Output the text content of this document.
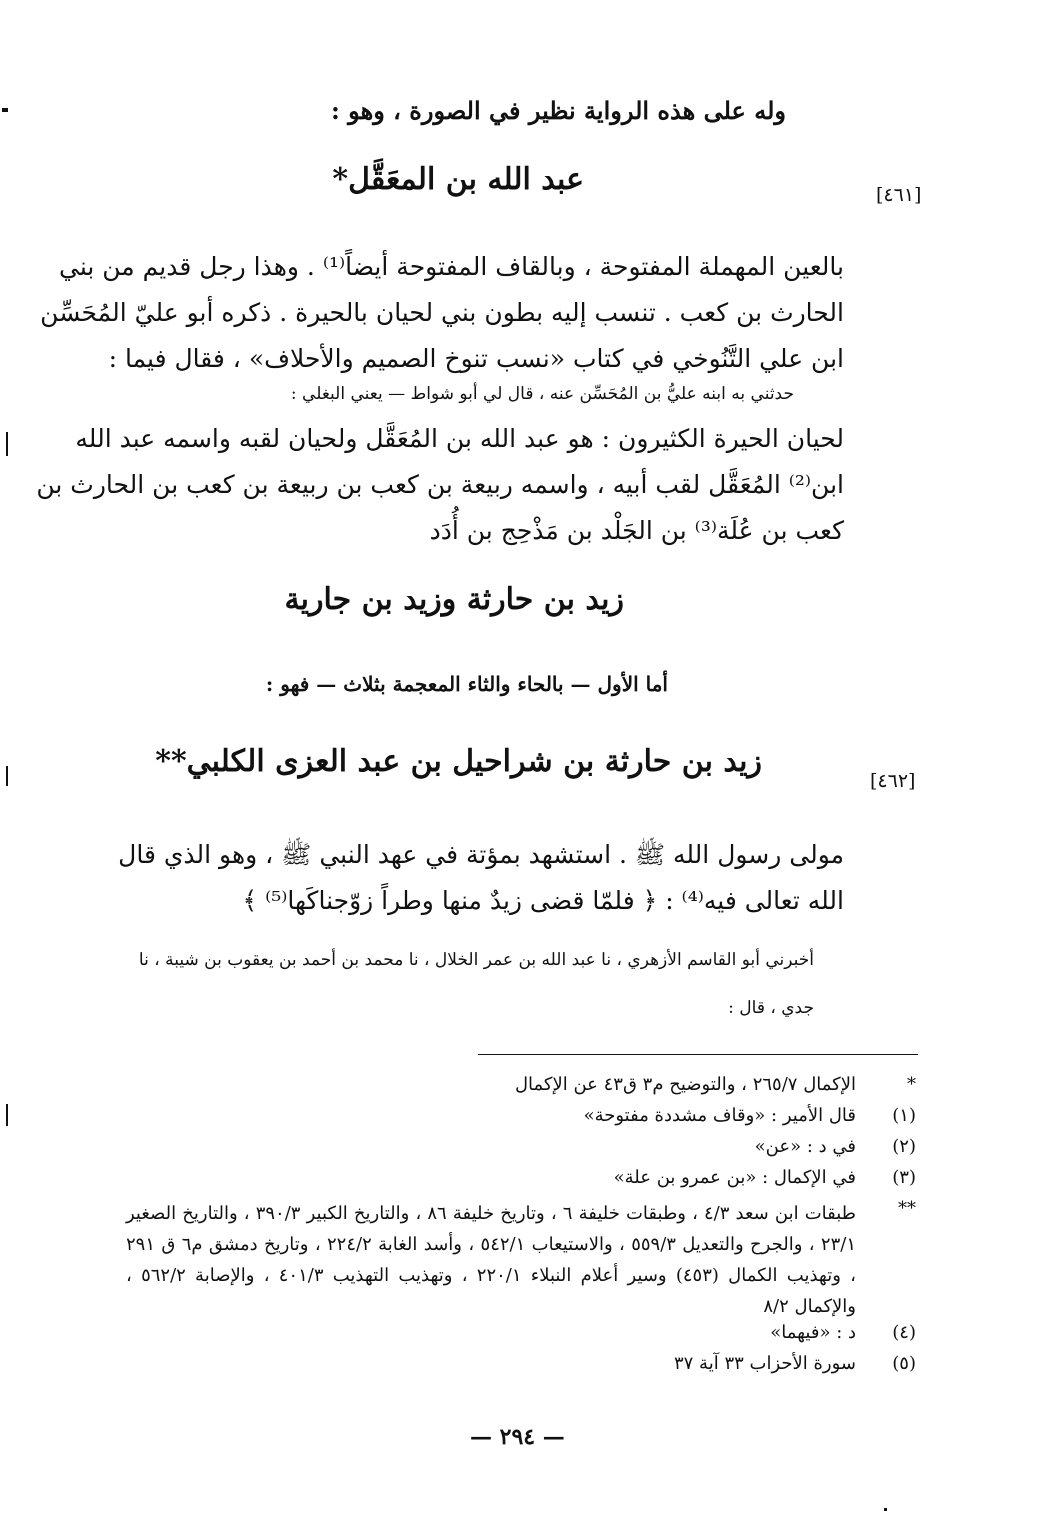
وله على هذه الرواية نظير في الصورة ، وهو :
[٤٦١]
عبد الله بن المعَقَّل*
بالعين المهملة المفتوحة ، وبالقاف المفتوحة أيضاً⁽¹⁾ . وهذا رجل قديم من بني
الحارث بن كعب . تنسب إليه بطون بني لحيان بالحيرة . ذكره أبو عليّ المُحَسِّن
ابن علي التَّنُوخي في كتاب «نسب تنوخ الصميم والأحلاف» ، فقال فيما :
حدثني به ابنه عليُّ بن المُحَسِّن عنه ، قال لي أبو شواط — يعني البغلي :
لحيان الحيرة الكثيرون : هو عبد الله بن المُعَقَّل ولحيان لقبه واسمه عبد الله
ابن⁽²⁾ المُعَقَّل لقب أبيه ، واسمه ربيعة بن كعب بن ربيعة بن كعب بن الحارث بن
كعب بن عُلَة⁽³⁾ بن الجَلْد بن مَذْحِج بن أُدَد
زيد بن حارثة وزيد بن جارية
أما الأول — بالحاء والثاء المعجمة بثلاث — فهو :
[٤٦٢]
زيد بن حارثة بن شراحيل بن عبد العزى الكلبي**
مولى رسول الله ﷺ . استشهد بمؤتة في عهد النبي ﷺ ، وهو الذي قال
الله تعالى فيه⁽⁴⁾ : ﴿ فلمّا قضى زيدٌ منها وطراً زوّجناكَها⁽⁵⁾ ﴾
أخبرني أبو القاسم الأزهري ، نا عبد الله بن عمر الخلال ، نا محمد بن أحمد بن يعقوب بن شيبة ، نا
جدي ، قال :
*
الإكمال ٢٦٥/٧ ، والتوضيح م٣ ق٤٣ عن الإكمال
(١)
قال الأمير : «وقاف مشددة مفتوحة»
(٢)
في د : «عن»
(٣)
في الإكمال : «بن عمرو بن علة»
**
طبقات ابن سعد ٤/٣ ، وطبقات خليفة ٦ ، وتاريخ خليفة ٨٦ ، والتاريخ الكبير ٣٩٠/٣ ، والتاريخ الصغير ٢٣/١ ، والجرح والتعديل ٥٥٩/٣ ، والاستيعاب ٥٤٢/١ ، وأسد الغابة ٢٢٤/٢ ، وتاريخ دمشق م٦ ق ٢٩١ ، وتهذيب الكمال (٤٥٣) وسير أعلام النبلاء ٢٢٠/١ ، وتهذيب التهذيب ٤٠١/٣ ، والإصابة ٥٦٢/٢ ، والإكمال ٨/٢
(٤)
د : «فيهما»
(٥)
سورة الأحزاب ٣٣ آية ٣٧
— ٢٩٤ —
